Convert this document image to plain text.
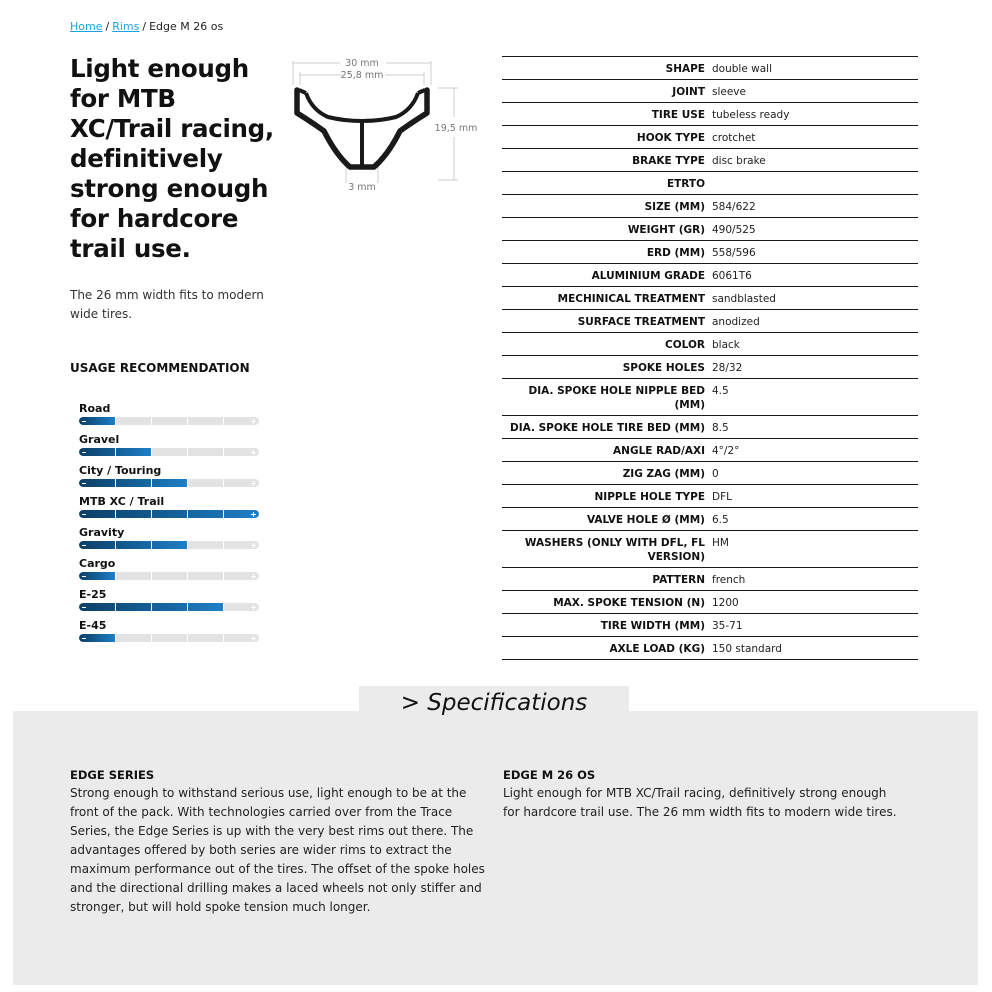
Home / Rims / Edge M 26 os
Light enough for MTB XC/Trail racing, definitively strong enough for hardcore trail use.

The 26 mm width fits to modern wide tires.

30 mm
25,8 mm
19,5 mm
3 mm
USAGE RECOMMENDATION
Road
Gravel
City / Touring
MTB XC / Trail
Gravity
Cargo
E-25
E-45
SHAPE double wall
JOINT sleeve
TIRE USE tubeless ready
HOOK TYPE crotchet
BRAKE TYPE disc brake
ETRTO
SIZE (MM) 584/622
WEIGHT (GR) 490/525
ERD (MM) 558/596
ALUMINIUM GRADE 6061T6
MECHINICAL TREATMENT sandblasted
SURFACE TREATMENT anodized
COLOR black
SPOKE HOLES 28/32
DIA. SPOKE HOLE NIPPLE BED (MM)
4.5
DIA. SPOKE HOLE TIRE BED (MM) 8.5
ANGLE RAD/AXI 4°/2°
ZIG ZAG (MM) 0
NIPPLE HOLE TYPE DFL
VALVE HOLE Ø (MM) 6.5
WASHERS (ONLY WITH DFL, FL VERSION)
HM
PATTERN french
MAX. SPOKE TENSION (N) 1200
TIRE WIDTH (MM) 35-71
AXLE LOAD (KG) 150 standard
> Specifications
EDGE SERIES

Strong enough to withstand serious use, light enough to be at the front of the pack. With technologies carried over from the Trace Series, the Edge Series is up with the very best rims out there. The advantages offered by both series are wider rims to extract the maximum performance out of the tires. The offset of the spoke holes and the directional drilling makes a laced wheels not only stiffer and stronger, but will hold spoke tension much longer.

EDGE M 26 OS

Light enough for MTB XC/Trail racing, definitively strong enough for hardcore trail use. The 26 mm width fits to modern wide tires.
